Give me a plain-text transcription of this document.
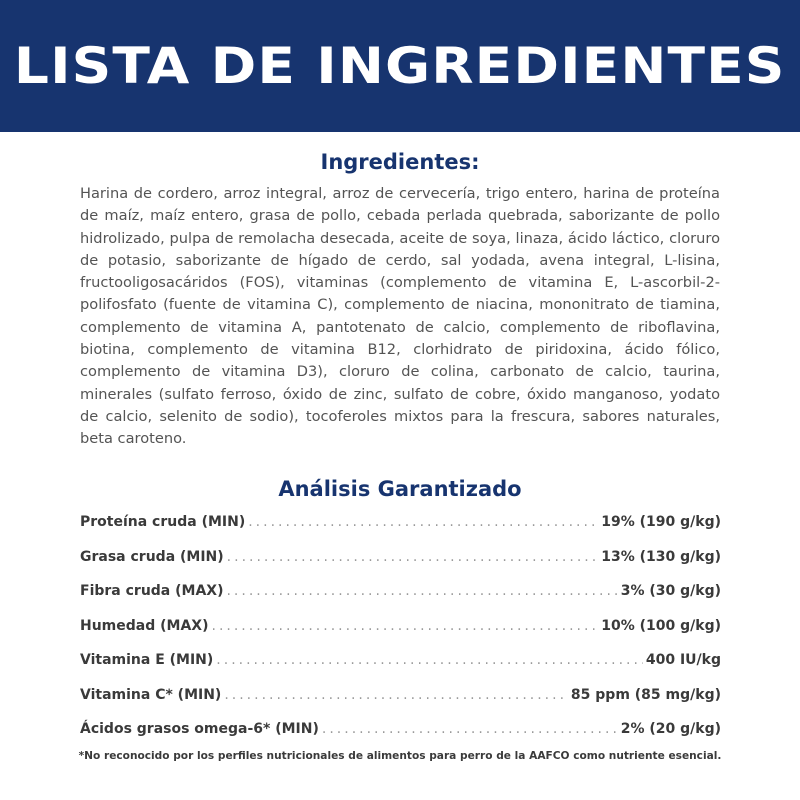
LISTA DE INGREDIENTES
Ingredientes:

Harina de cordero, arroz integral, arroz de cervecería, trigo entero, harina de proteína de maíz, maíz entero, grasa de pollo, cebada perlada quebrada, saborizante de pollo hidrolizado, pulpa de remolacha desecada, aceite de soya, linaza, ácido láctico, cloruro de potasio, saborizante de hígado de cerdo, sal yodada, avena integral, L-lisina, fructooligosacáridos (FOS), vitaminas (complemento de vitamina E, L-ascorbil-2-polifosfato (fuente de vitamina C), complemento de niacina, mononitrato de tiamina, complemento de vitamina A, pantotenato de calcio, complemento de riboflavina, biotina, complemento de vitamina B12, clorhidrato de piridoxina, ácido fólico, complemento de vitamina D3), cloruro de colina, carbonato de calcio, taurina, minerales (sulfato ferroso, óxido de zinc, sulfato de cobre, óxido manganoso, yodato de calcio, selenito de sodio), tocoferoles mixtos para la frescura, sabores naturales, beta caroteno.

Análisis Garantizado
Proteína cruda (MIN) .....	19% (190 g/kg)
Grasa cruda (MIN) .....	13% (130 g/kg)
Fibra cruda (MAX) .....	3% (30 g/kg)
Humedad (MAX) .....	10% (100 g/kg)
Vitamina E (MIN) .....	400 IU/kg
Vitamina C* (MIN) .....	85 ppm (85 mg/kg)
Ácidos grasos omega-6* (MIN) .....	2% (20 g/kg)

*No reconocido por los perfiles nutricionales de alimentos para perro de la AAFCO como nutriente esencial.
